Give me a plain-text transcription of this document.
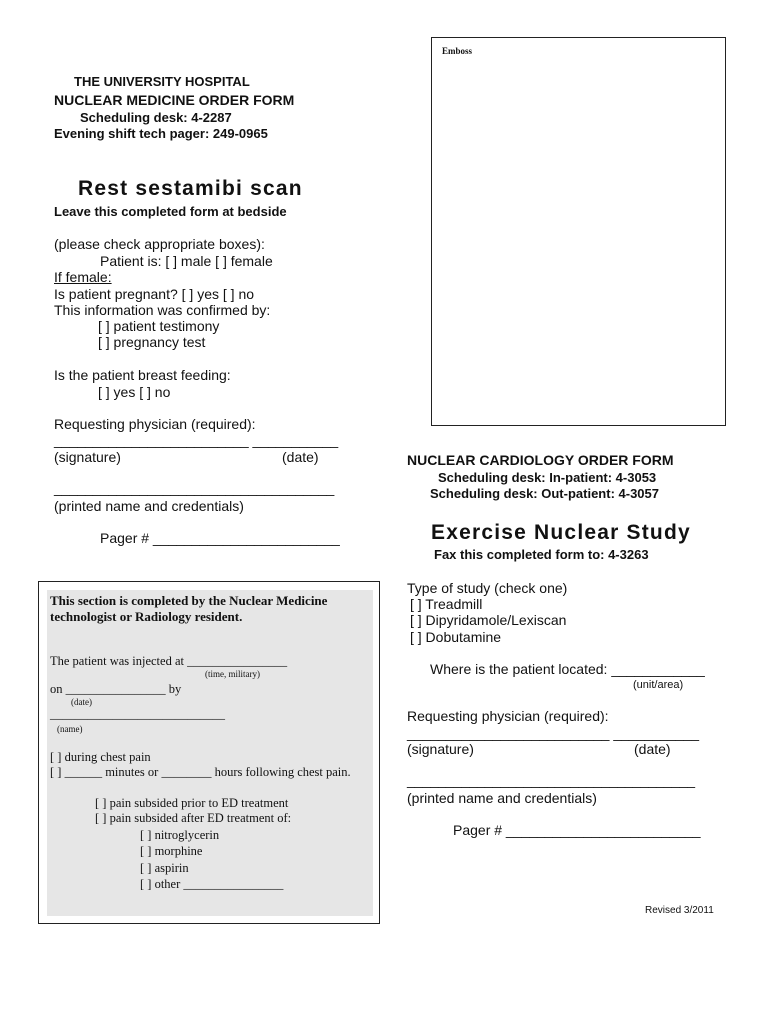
Emboss
THE UNIVERSITY HOSPITAL
NUCLEAR MEDICINE ORDER FORM
Scheduling desk: 4-2287
Evening shift tech pager: 249-0965
Rest sestamibi scan
Leave this completed form at bedside
(please check appropriate boxes):
Patient is: [ ] male [ ] female
If female:
Is patient pregnant? [ ] yes [ ] no
This information was confirmed by:
[ ] patient testimony
[ ] pregnancy test
Is the patient breast feeding:
[ ] yes [ ] no
Requesting physician (required):
_________________________ ___________
(signature)	(date)
____________________________________
(printed name and credentials)
Pager # ________________________
This section is completed by the Nuclear Medicine
technologist or Radiology resident.
The patient was injected at ________________
(time, military)
on ________________ by
(date)
____________________________
(name)
[ ] during chest pain
[ ] ______ minutes or ________ hours following chest pain.
[ ] pain subsided prior to ED treatment
[ ] pain subsided after ED treatment of:
[ ] nitroglycerin
[ ] morphine
[ ] aspirin
[ ] other ________________
NUCLEAR CARDIOLOGY ORDER FORM
Scheduling desk: In-patient: 4-3053
Scheduling desk: Out-patient: 4-3057
Exercise Nuclear Study
Fax this completed form to: 4-3263
Type of study (check one)
[ ] Treadmill
[ ] Dipyridamole/Lexiscan
[ ] Dobutamine
Where is the patient located: ____________
(unit/area)
Requesting physician (required):
__________________________ ___________
(signature)	(date)
_____________________________________
(printed name and credentials)
Pager # _________________________
Revised 3/2011
